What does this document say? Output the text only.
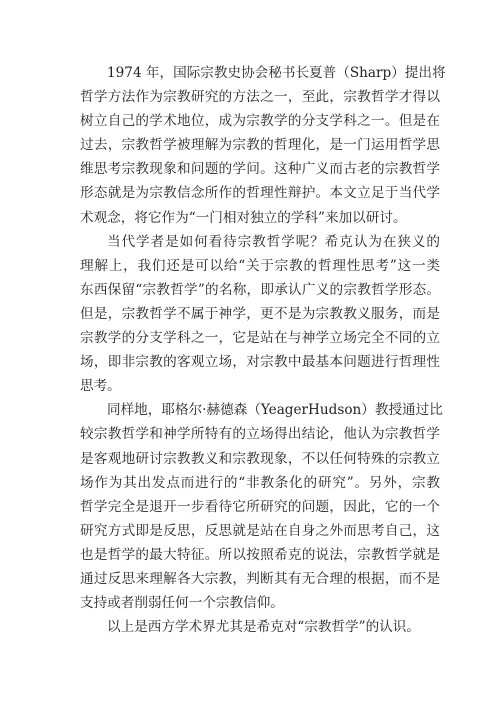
1974 年，国际宗教史协会秘书长夏普（Sharp）提出将
哲学方法作为宗教研究的方法之一，至此，宗教哲学才得以
树立自己的学术地位，成为宗教学的分支学科之一。但是在
过去，宗教哲学被理解为宗教的哲理化，是一门运用哲学思
维思考宗教现象和问题的学问。这种广义而古老的宗教哲学
形态就是为宗教信念所作的哲理性辩护。本文立足于当代学
术观念，将它作为“一门相对独立的学科”来加以研讨。
当代学者是如何看待宗教哲学呢？希克认为在狭义的
理解上，我们还是可以给“关于宗教的哲理性思考”这一类
东西保留“宗教哲学”的名称，即承认广义的宗教哲学形态。
但是，宗教哲学不属于神学，更不是为宗教教义服务，而是
宗教学的分支学科之一，它是站在与神学立场完全不同的立
场，即非宗教的客观立场，对宗教中最基本问题进行哲理性
思考。
同样地，耶格尔·赫德森（YeagerHudson）教授通过比
较宗教哲学和神学所特有的立场得出结论，他认为宗教哲学
是客观地研讨宗教教义和宗教现象，不以任何特殊的宗教立
场作为其出发点而进行的“非教条化的研究”。另外，宗教
哲学完全是退开一步看待它所研究的问题，因此，它的一个
研究方式即是反思，反思就是站在自身之外而思考自己，这
也是哲学的最大特征。所以按照希克的说法，宗教哲学就是
通过反思来理解各大宗教，判断其有无合理的根据，而不是
支持或者削弱任何一个宗教信仰。
以上是西方学术界尤其是希克对“宗教哲学”的认识。
